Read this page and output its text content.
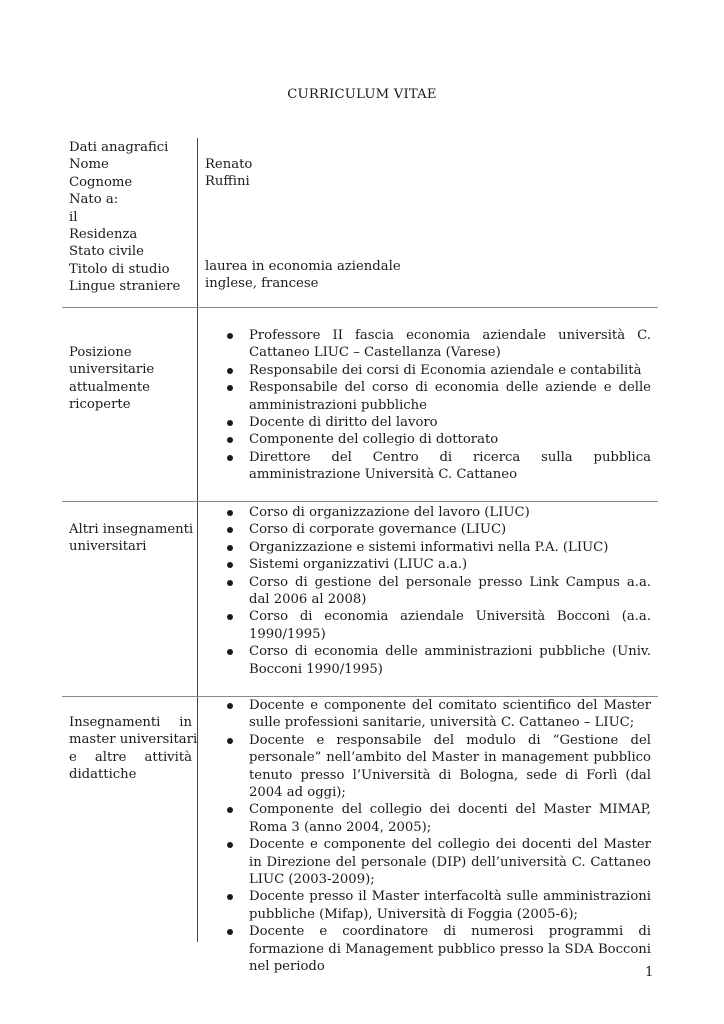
CURRICULUM VITAE
Dati anagrafici
Nome
Cognome
Nato a:
il
Residenza
Stato civile
Titolo di studio
Lingue straniere
Renato
Ruffini
laurea in economia aziendale
inglese, francese
Posizione
universitarie
attualmente
ricoperte
Professore II fascia economia aziendale università C. Cattaneo LIUC – Castellanza (Varese)
Responsabile dei corsi di Economia aziendale e contabilità
Responsabile del corso di economia delle aziende e delle amministrazioni pubbliche
Docente di diritto del lavoro
Componente del collegio di dottorato
Direttore del Centro di ricerca sulla pubblica amministrazione Università C. Cattaneo
Altri insegnamenti
universitari
Corso di organizzazione del lavoro (LIUC)
Corso di corporate governance (LIUC)
Organizzazione e sistemi informativi nella P.A. (LIUC)
Sistemi organizzativi (LIUC a.a.)
Corso di gestione del personale presso Link Campus a.a. dal 2006 al 2008)
Corso di economia aziendale Università Bocconi (a.a. 1990/1995)
Corso di economia delle amministrazioni pubbliche (Univ. Bocconi 1990/1995)
Insegnamenti in
master universitari
e altre attività
didattiche
Docente e componente del comitato scientifico del Master sulle professioni sanitarie, università C. Cattaneo – LIUC;
Docente e responsabile del modulo di “Gestione del personale” nell’ambito del Master in management pubblico tenuto presso l’Università di Bologna, sede di Forlì (dal 2004 ad oggi);
Componente del collegio dei docenti del Master MIMAP, Roma 3 (anno 2004, 2005);
Docente e componente del collegio dei docenti del Master in Direzione del personale (DIP) dell’università C. Cattaneo LIUC (2003-2009);
Docente presso il Master interfacoltà sulle amministrazioni pubbliche (Mifap), Università di Foggia (2005-6);
Docente e coordinatore di numerosi programmi di formazione di Management pubblico presso la SDA Bocconi nel periodo	1
